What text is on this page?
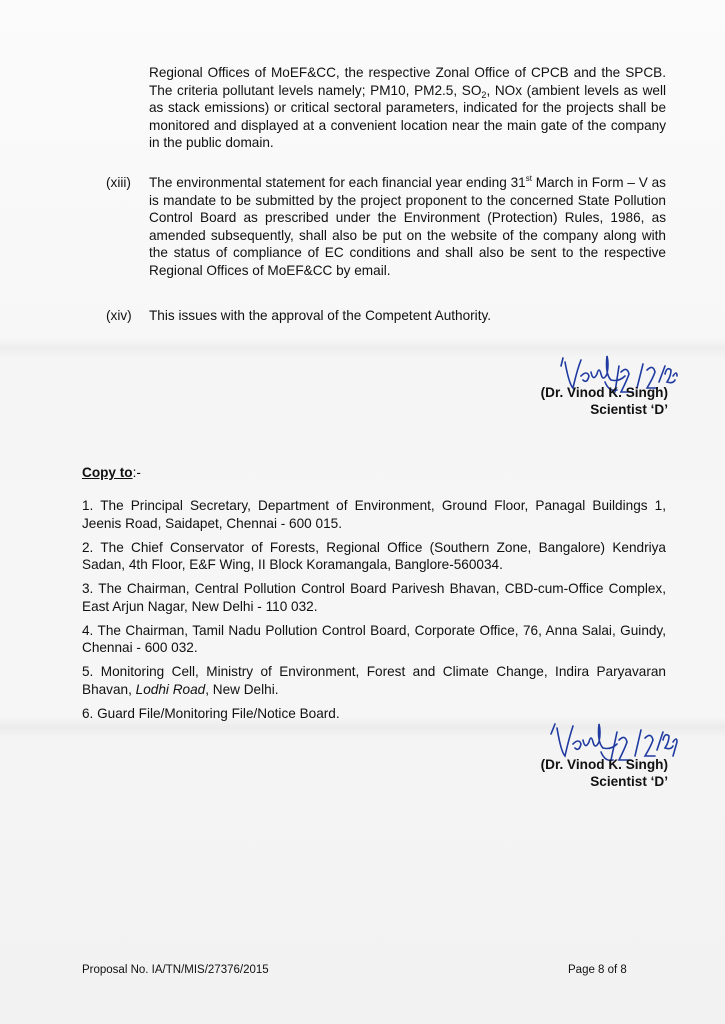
Regional Offices of MoEF&CC, the respective Zonal Office of CPCB and the SPCB. The criteria pollutant levels namely; PM10, PM2.5, $SO_2$, NOx (ambient levels as well as stack emissions) or critical sectoral parameters, indicated for the projects shall be monitored and displayed at a convenient location near the main gate of the company in the public domain.
(xiii) The environmental statement for each financial year ending 31st March in Form – V as is mandate to be submitted by the project proponent to the concerned State Pollution Control Board as prescribed under the Environment (Protection) Rules, 1986, as amended subsequently, shall also be put on the website of the company along with the status of compliance of EC conditions and shall also be sent to the respective Regional Offices of MoEF&CC by email.
(xiv) This issues with the approval of the Competent Authority.
(Dr. Vinod K. Singh)
Scientist ‘D’
Copy to:-
1. The Principal Secretary, Department of Environment, Ground Floor, Panagal Buildings 1, Jeenis Road, Saidapet, Chennai - 600 015.
2. The Chief Conservator of Forests, Regional Office (Southern Zone, Bangalore) Kendriya Sadan, 4th Floor, E&F Wing, II Block Koramangala, Banglore-560034.
3. The Chairman, Central Pollution Control Board Parivesh Bhavan, CBD-cum-Office Complex, East Arjun Nagar, New Delhi - 110 032.
4. The Chairman, Tamil Nadu Pollution Control Board, Corporate Office, 76, Anna Salai, Guindy, Chennai - 600 032.
5. Monitoring Cell, Ministry of Environment, Forest and Climate Change, Indira Paryavaran Bhavan, Lodhi Road, New Delhi.
6. Guard File/Monitoring File/Notice Board.
(Dr. Vinod K. Singh)
Scientist ‘D’
Proposal No. IA/TN/MIS/27376/2015	Page 8 of 8
